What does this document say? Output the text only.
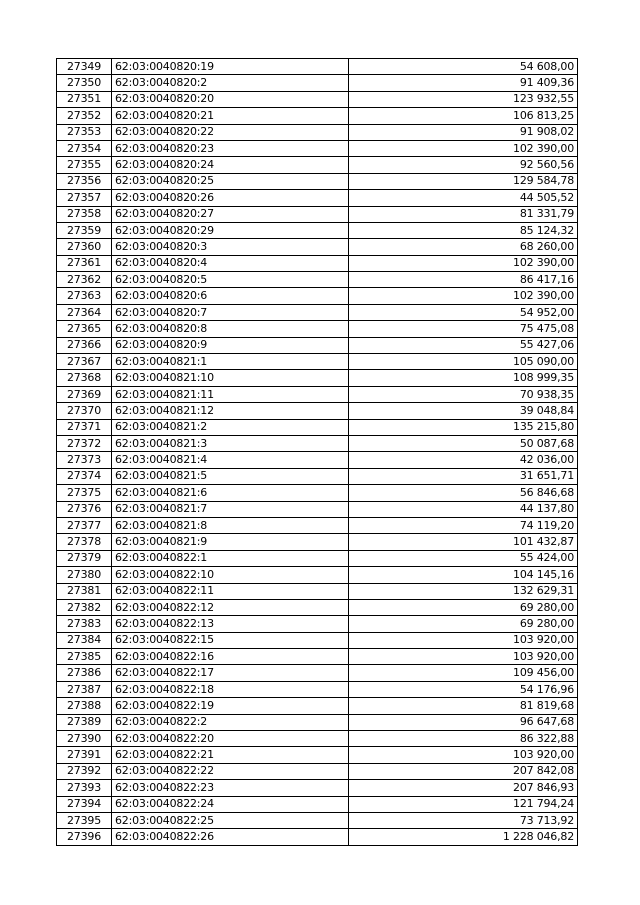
27349	62:03:0040820:19	54 608,00
27350	62:03:0040820:2	91 409,36
27351	62:03:0040820:20	123 932,55
27352	62:03:0040820:21	106 813,25
27353	62:03:0040820:22	91 908,02
27354	62:03:0040820:23	102 390,00
27355	62:03:0040820:24	92 560,56
27356	62:03:0040820:25	129 584,78
27357	62:03:0040820:26	44 505,52
27358	62:03:0040820:27	81 331,79
27359	62:03:0040820:29	85 124,32
27360	62:03:0040820:3	68 260,00
27361	62:03:0040820:4	102 390,00
27362	62:03:0040820:5	86 417,16
27363	62:03:0040820:6	102 390,00
27364	62:03:0040820:7	54 952,00
27365	62:03:0040820:8	75 475,08
27366	62:03:0040820:9	55 427,06
27367	62:03:0040821:1	105 090,00
27368	62:03:0040821:10	108 999,35
27369	62:03:0040821:11	70 938,35
27370	62:03:0040821:12	39 048,84
27371	62:03:0040821:2	135 215,80
27372	62:03:0040821:3	50 087,68
27373	62:03:0040821:4	42 036,00
27374	62:03:0040821:5	31 651,71
27375	62:03:0040821:6	56 846,68
27376	62:03:0040821:7	44 137,80
27377	62:03:0040821:8	74 119,20
27378	62:03:0040821:9	101 432,87
27379	62:03:0040822:1	55 424,00
27380	62:03:0040822:10	104 145,16
27381	62:03:0040822:11	132 629,31
27382	62:03:0040822:12	69 280,00
27383	62:03:0040822:13	69 280,00
27384	62:03:0040822:15	103 920,00
27385	62:03:0040822:16	103 920,00
27386	62:03:0040822:17	109 456,00
27387	62:03:0040822:18	54 176,96
27388	62:03:0040822:19	81 819,68
27389	62:03:0040822:2	96 647,68
27390	62:03:0040822:20	86 322,88
27391	62:03:0040822:21	103 920,00
27392	62:03:0040822:22	207 842,08
27393	62:03:0040822:23	207 846,93
27394	62:03:0040822:24	121 794,24
27395	62:03:0040822:25	73 713,92
27396	62:03:0040822:26	1 228 046,82
